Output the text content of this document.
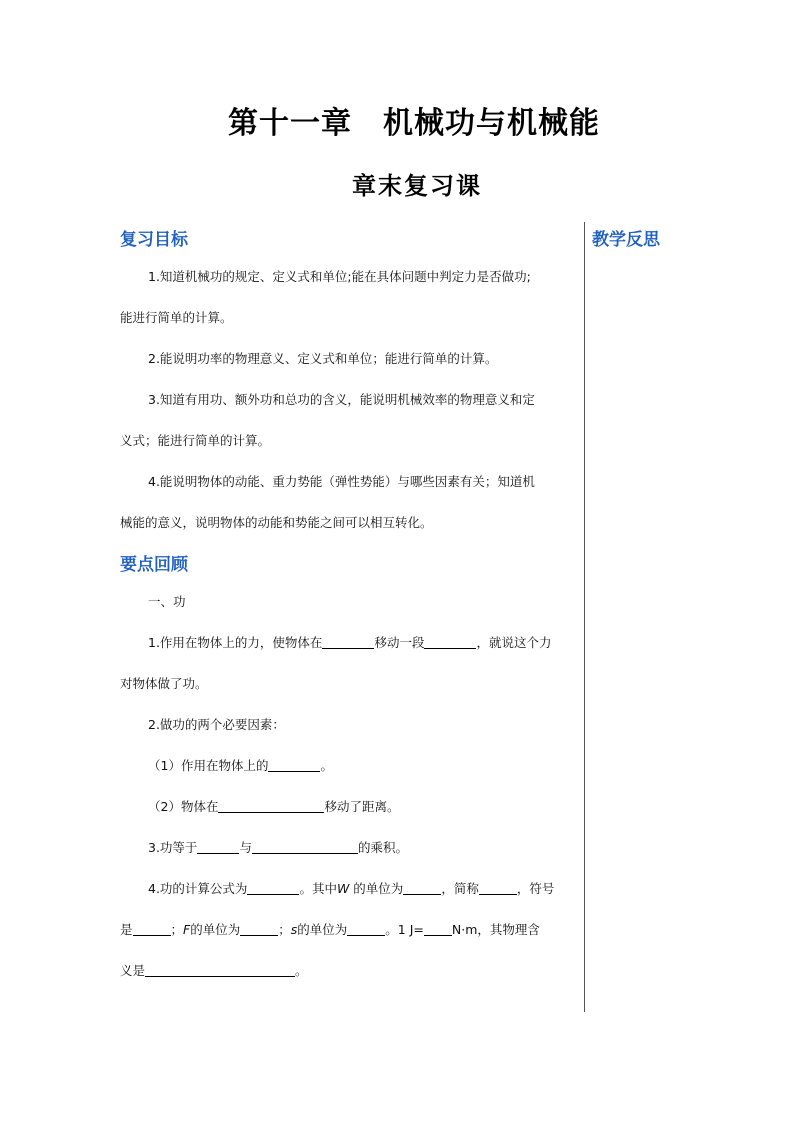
第十一章　机械功与机械能
章末复习课
教学反思
复习目标
1.知道机械功的规定、定义式和单位;能在具体问题中判定力是否做功;
能进行简单的计算。
2.能说明功率的物理意义、定义式和单位；能进行简单的计算。
3.知道有用功、额外功和总功的含义，能说明机械效率的物理意义和定
义式；能进行简单的计算。
4.能说明物体的动能、重力势能（弹性势能）与哪些因素有关；知道机
械能的意义，说明物体的动能和势能之间可以相互转化。
要点回顾
一、功
1.作用在物体上的力，使物体在	移动一段	，就说这个力
对物体做了功。
2.做功的两个必要因素：
（1）作用在物体上的	。
（2）物体在	移动了距离。
3.功等于	与	的乘积。
4.功的计算公式为	。其中W 的单位为	，简称	，符号
是	；F的单位为	；s的单位为	。1 J= N·m，其物理含
义是	。
